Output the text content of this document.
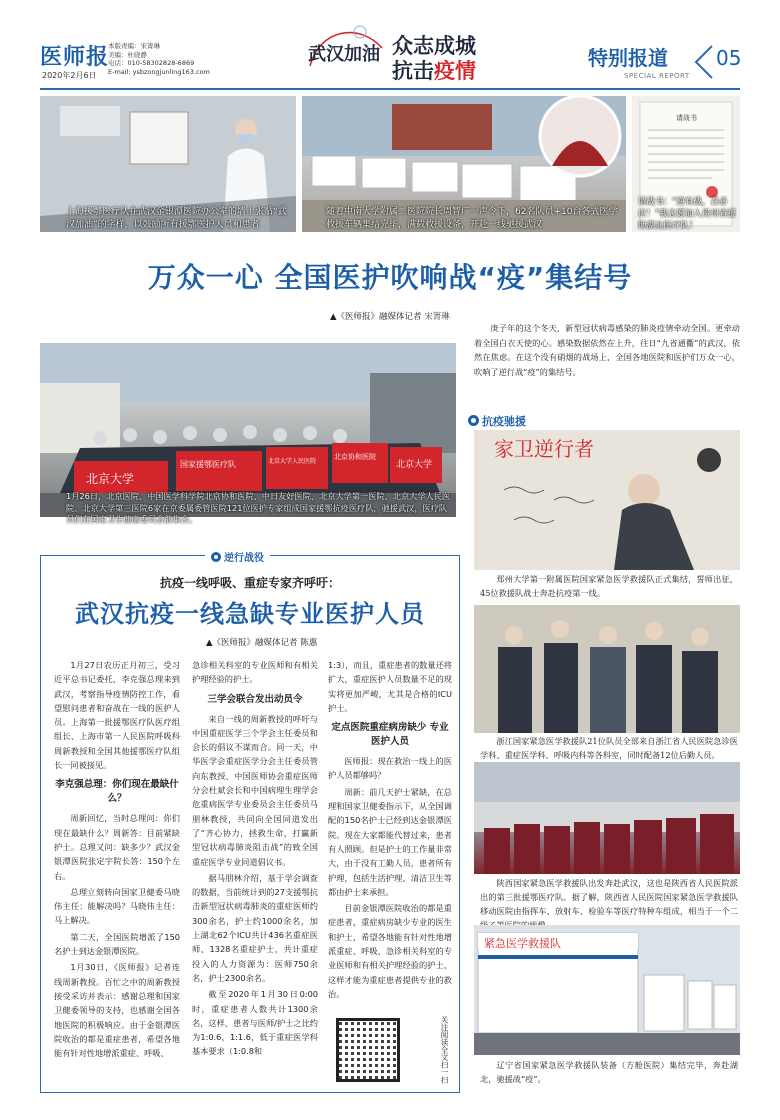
医师报
2020年2月6日
本版责编：宋箐琳
美编：杜晓静
电话：010-58302828-6869
E-mail: ysbzongjunling163.com
武汉加油 众志成城
抗击疫情
特别报道
SPECIAL REPORT
05
上海援鄂医疗队在武汉金银潭医院办公室的墙上张贴“武汉加油”的字样，以鼓励所有援鄂医护人员和患者
随着中南大学附属二医院院长周智广一声令下，62名队员+10台各式医学救援车辆集结完毕，满载救援设备，开赴一线驰援武汉
请战书
请战书：“逆有战，召必应！”我志愿加入贵州省援助湖北医疗队！
万众一心 全国医护吹响战“疫”集结号
▲《医师报》融媒体记者 宋箐琳
北京大学
国家援鄂医疗队	北京大学人民医院
北京协和医院
北京大学
1月26日，北京医院、中国医学科学院北京协和医院、中日友好医院、北京大学第一医院、北京大学人民医院、北京大学第三医院6家在京委属委管医院121位医护专家组成国家援鄂抗疫医疗队，驰援武汉，医疗队员们在国家卫生健康委员会前集合。
庚子年的这个冬天，新型冠状病毒感染的肺炎疫情牵动全国。更牵动着全国白衣天使的心。感染数据依然在上升，往日“九省通衢”的武汉，依然在焦虑。在这个没有硝烟的战场上，全国各地医院和医护们万众一心，吹响了逆行战“疫”的集结号。
抗疫驰援
家卫逆行者
郑州大学第一附属医院国家紧急医学救援队正式集结，誓师出征，45位救援队战士奔赴抗疫第一线。
浙江国家紧急医学救援队21位队员全部来自浙江省人民医院急诊医学科、重症医学科、呼吸内科等各科室，同时配备12位后勤人员。
陕西国家紧急医学救援队出发奔赴武汉，这也是陕西省人民医院派出的第三批援鄂医疗队。据了解，陕西省人民医院国家紧急医学救援队移动医院由指挥车、放射车、检验车等医疗特种车组成，相当于一个二
紧急医学救援队
辽宁省国家紧急医学救援队装备（方舱医院）集结完毕，奔赴湖北，驰援战“疫”。
逆行战役
抗疫一线呼吸、重症专家齐呼吁：
武汉抗疫一线急缺专业医护人员
▲《医师报》融媒体记者 陈惠

1月27日农历正月初三，受习近平总书记委托，李克强总理来到武汉，考察指导疫情防控工作，看望慰问患者和奋战在一线的医护人员。上海第一批援鄂医疗队医疗组组长、上海市第一人民医院呼吸科周新教授和全国其他援鄂医疗队组长一同被接见。

李克强总理：你们现在最缺什么？

周新回忆，当时总理问：你们现在最缺什么？周新答：目前紧缺护士。总理又问：缺多少？武汉金银潭医院张定宇院长答：150个左右。

总理立刻转向国家卫健委马晓伟主任：能解决吗？马晓伟主任：马上解决。

第二天，全国医院增派了150名护士到达金银潭医院。

1月30日，《医师报》记者连线周新教授。百忙之中的周新教授接受采访并表示：感谢总理和国家卫健委领导的支持，也感谢全国各地医院的积极响应。由于金银潭医院收治的都是重症患者，希望各地能有针对性地增派重症、呼吸、

急诊相关科室的专业医师和有相关护理经验的护士。

三学会联合发出动员令

来自一线的周新教授的呼吁与中国重症医学三个学会主任委员和会长的倡议不谋而合。同一天，中华医学会重症医学分会主任委员管向东教授、中国医师协会重症医师分会杜斌会长和中国病理生理学会危重病医学专业委员会主任委员马朋林教授，共同向全国同道发出了“齐心协力，拯救生命，打赢新型冠状病毒肺炎阻击战”的致全国重症医学专业同道倡议书。

据马朋林介绍，基于学会调查的数据，当前统计到的27支援鄂抗击新型冠状病毒肺炎的重症医师约300余名，护士约1000余名，加上湖北62个ICU共计436名重症医师、1328名重症护士，共计重症投入的人力资源为：医师750余名，护士2300余名。

截至2020年1月30日0:00时，重症患者人数共计1300余名，这样，患者与医师/护士之比约为1:0.6，1:1.6，低于重症医学科基本要求（1:0.8和

1:3），而且，重症患者的数量还将扩大，重症医护人员数量不足的现实将更加严峻，尤其是合格的ICU护士。

定点医院重症病房缺少 专业医护人员

医师报：现在救治一线上的医护人员都够吗？

周新：前几天护士紧缺，在总理和国家卫健委指示下，从全国调配的150名护士已经到达金银潭医院。现在大家都能代替过来，患者有人照顾。但是护士的工作量非常大，由于没有工勤人员，患者所有护理，包括生活护理、清洁卫生等都由护士来承担。

目前金银潭医院收治的都是重症患者，重症病房缺少专业的医生和护士，希望各地能有针对性地增派重症、呼吸、急诊相关科室的专业医师和有相关护理经验的护士，这样才能为重症患者提供专业的救治。

关注阅读全文扫一扫
